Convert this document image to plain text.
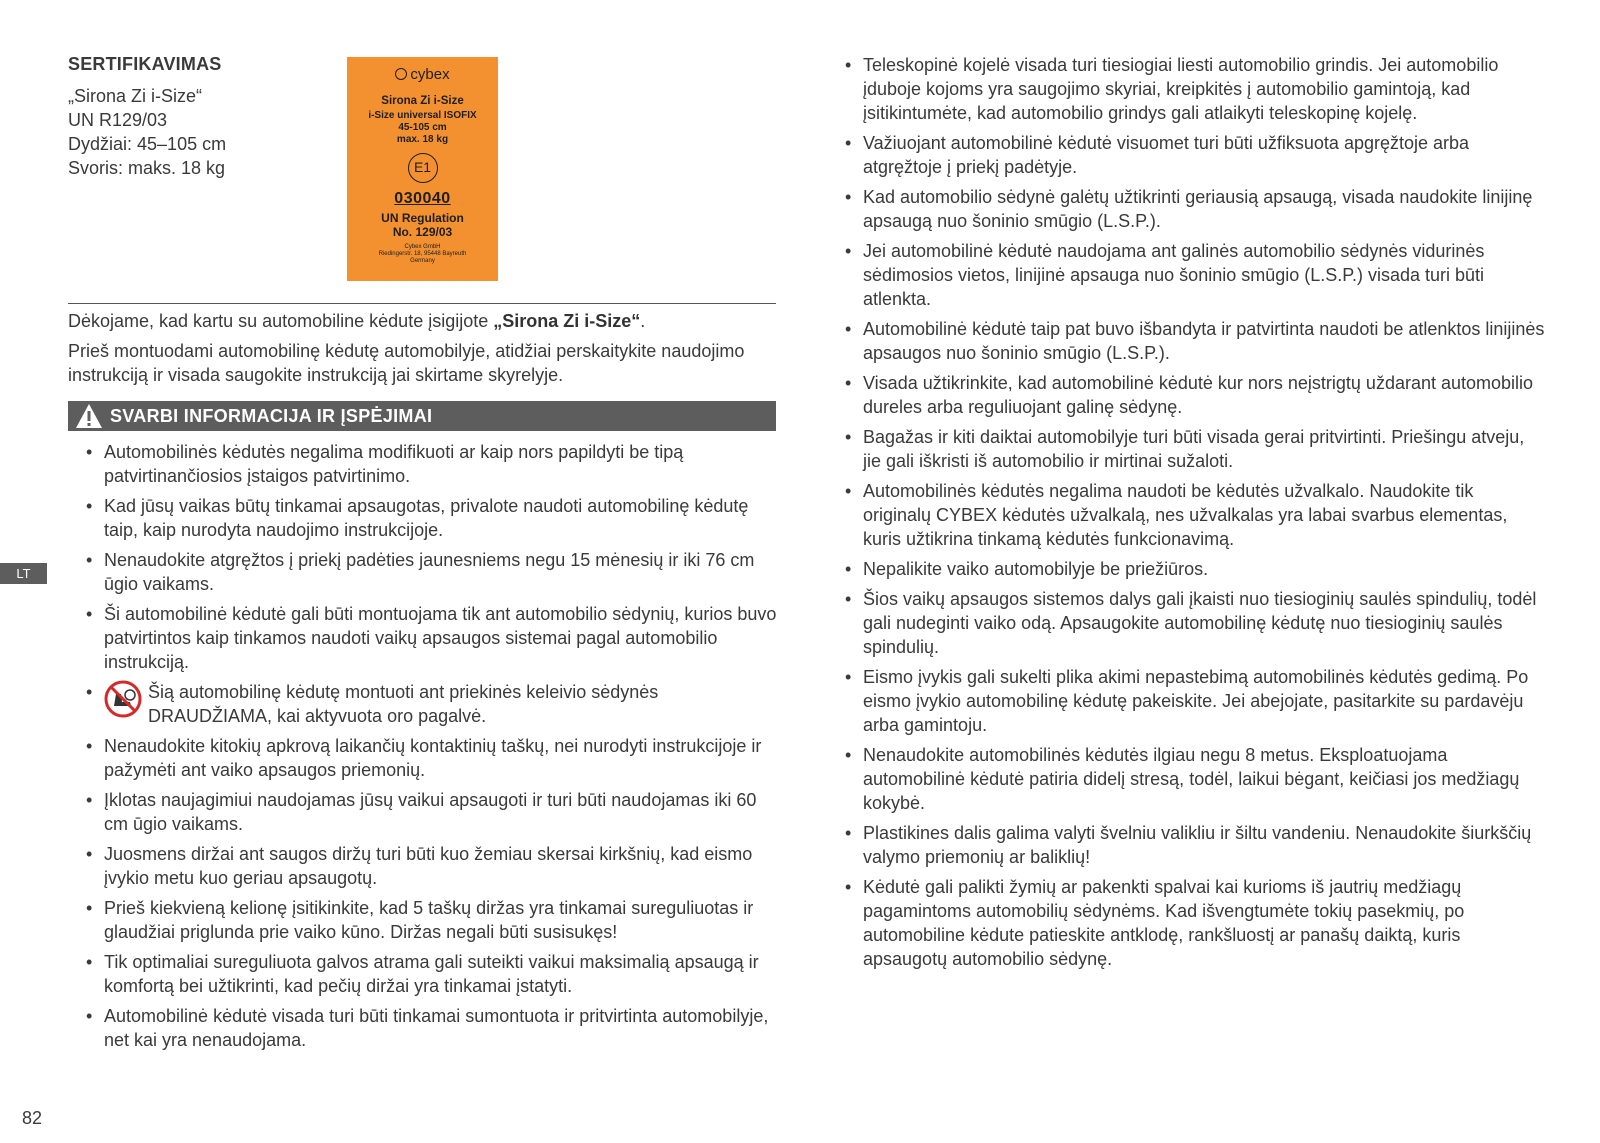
SERTIFIKAVIMAS
„Sirona Zi i-Size“
UN R129/03
Dydžiai: 45–105 cm
Svoris: maks. 18 kg
cybex
Sirona Zi i-Size
i-Size universal ISOFIX
45-105 cm
max. 18 kg
E1
030040
UN Regulation
No. 129/03
Cybex GmbH
Riedingerstr. 18, 95448 Bayreuth
Germany

Dėkojame, kad kartu su automobiline kėdute įsigijote „Sirona Zi i-Size“.

Prieš montuodami automobilinę kėdutę automobilyje, atidžiai perskaitykite naudojimo instrukciją ir visada saugokite instrukciją jai skirtame skyrelyje.

SVARBI INFORMACIJA IR ĮSPĖJIMAI
• Automobilinės kėdutės negalima modifikuoti ar kaip nors papildyti be tipą patvirtinančiosios įstaigos patvirtinimo.
• Kad jūsų vaikas būtų tinkamai apsaugotas, privalote naudoti automobilinę kėdutę taip, kaip nurodyta naudojimo instrukcijoje.
• Nenaudokite atgręžtos į priekį padėties jaunesniems negu 15 mėnesių ir iki 76 cm ūgio vaikams.
• Ši automobilinė kėdutė gali būti montuojama tik ant automobilio sėdynių, kurios buvo patvirtintos kaip tinkamos naudoti vaikų apsaugos sistemai pagal automobilio instrukciją.
• Šią automobilinę kėdutę montuoti ant priekinės keleivio sėdynės DRAUDŽIAMA, kai aktyvuota oro pagalvė.
• Nenaudokite kitokių apkrovą laikančių kontaktinių taškų, nei nurodyti instrukcijoje ir pažymėti ant vaiko apsaugos priemonių.
• Įklotas naujagimiui naudojamas jūsų vaikui apsaugoti ir turi būti naudojamas iki 60 cm ūgio vaikams.
• Juosmens diržai ant saugos diržų turi būti kuo žemiau skersai kirkšnių, kad eismo įvykio metu kuo geriau apsaugotų.
• Prieš kiekvieną kelionę įsitikinkite, kad 5 taškų diržas yra tinkamai sureguliuotas ir glaudžiai priglunda prie vaiko kūno. Diržas negali būti susisukęs!
• Tik optimaliai sureguliuota galvos atrama gali suteikti vaikui maksimalią apsaugą ir komfortą bei užtikrinti, kad pečių diržai yra tinkamai įstatyti.
• Automobilinė kėdutė visada turi būti tinkamai sumontuota ir pritvirtinta automobilyje, net kai yra nenaudojama.
• Teleskopinė kojelė visada turi tiesiogiai liesti automobilio grindis. Jei automobilio įduboje kojoms yra saugojimo skyriai, kreipkitės į automobilio gamintoją, kad įsitikintumėte, kad automobilio grindys gali atlaikyti teleskopinę kojelę.
• Važiuojant automobilinė kėdutė visuomet turi būti užfiksuota apgręžtoje arba atgręžtoje į priekį padėtyje.
• Kad automobilio sėdynė galėtų užtikrinti geriausią apsaugą, visada naudokite linijinę apsaugą nuo šoninio smūgio (L.S.P.).
• Jei automobilinė kėdutė naudojama ant galinės automobilio sėdynės vidurinės sėdimosios vietos, linijinė apsauga nuo šoninio smūgio (L.S.P.) visada turi būti atlenkta.
• Automobilinė kėdutė taip pat buvo išbandyta ir patvirtinta naudoti be atlenktos linijinės apsaugos nuo šoninio smūgio (L.S.P.).
• Visada užtikrinkite, kad automobilinė kėdutė kur nors neįstrigtų uždarant automobilio dureles arba reguliuojant galinę sėdynę.
• Bagažas ir kiti daiktai automobilyje turi būti visada gerai pritvirtinti. Priešingu atveju, jie gali iškristi iš automobilio ir mirtinai sužaloti.
• Automobilinės kėdutės negalima naudoti be kėdutės užvalkalo. Naudokite tik originalų CYBEX kėdutės užvalkalą, nes užvalkalas yra labai svarbus elementas, kuris užtikrina tinkamą kėdutės funkcionavimą.
• Nepalikite vaiko automobilyje be priežiūros.
• Šios vaikų apsaugos sistemos dalys gali įkaisti nuo tiesioginių saulės spindulių, todėl gali nudeginti vaiko odą. Apsaugokite automobilinę kėdutę nuo tiesioginių saulės spindulių.
• Eismo įvykis gali sukelti plika akimi nepastebimą automobilinės kėdutės gedimą. Po eismo įvykio automobilinę kėdutę pakeiskite. Jei abejojate, pasitarkite su pardavėju arba gamintoju.
• Nenaudokite automobilinės kėdutės ilgiau negu 8 metus. Eksploatuojama automobilinė kėdutė patiria didelį stresą, todėl, laikui bėgant, keičiasi jos medžiagų kokybė.
• Plastikines dalis galima valyti švelniu valikliu ir šiltu vandeniu. Nenaudokite šiurkščių valymo priemonių ar baliklių!
• Kėdutė gali palikti žymių ar pakenkti spalvai kai kurioms iš jautrių medžiagų pagamintoms automobilių sėdynėms. Kad išvengtumėte tokių pasekmių, po automobiline kėdute patieskite antklodę, rankšluostį ar panašų daiktą, kuris apsaugotų automobilio sėdynę.
LT
82
